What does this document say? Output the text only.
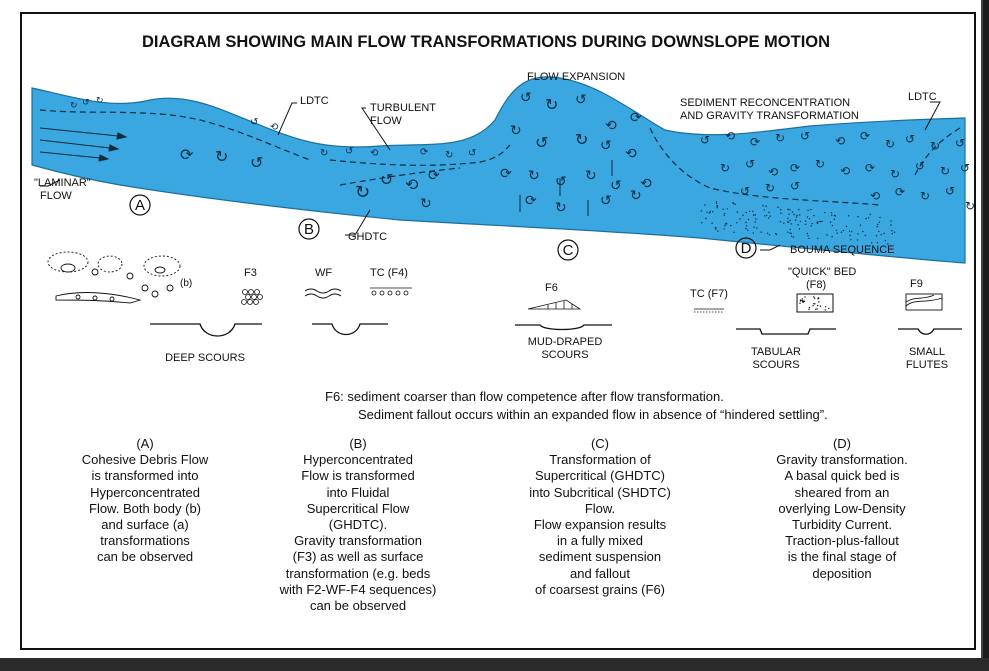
DIAGRAM SHOWING MAIN FLOW TRANSFORMATIONS DURING DOWNSLOPE MOTION
↻ ↺ ↻
↺ ⟲
⟳ ↻ ↺	↻ ↺ ⟲	⟳ ↻ ↺
↻
↺ ⟲ ⟳
↻
↺ ↻ ↺
⟲ ⟳
↻
↺ ↻ ↺ ⟲
⟳ ↻ ↺ ↻
↺ ⟲
⟳ ↻ ↺ ↻
↺ ⟲ ⟳ ↻ ↺
↻ ↺
⟲ ⟳ ↻
↺ ↻ ↺
⟲ ⟳
↻ ↺ ↻ ↺
⟲ ⟳ ↻
↺ ↻ ↺
⟲ ⟳ ↻ ↺
↻
LDTC
TURBULENT
FLOW
FLOW EXPANSION
SEDIMENT RECONCENTRATION
AND GRAVITY TRANSFORMATION
LDTC
"LAMINAR"
FLOW
GHDTC
BOUMA SEQUENCE
A
B
C	D
(b)
F3	WF	TC (F4)
DEEP SCOURS
F6
MUD-DRAPED
SCOURS
TC (F7)
"QUICK" BED
(F8)
TABULAR
SCOURS
F9
SMALL
FLUTES
F6: sediment coarser than flow competence after flow transformation.
Sediment fallout occurs within an expanded flow in absence of “hindered settling”.
(A)
Cohesive Debris Flow
is transformed into
Hyperconcentrated
Flow. Both body (b)
and surface (a)
transformations
can be observed
(B)
Hyperconcentrated
Flow is transformed
into Fluidal
Supercritical Flow
(GHDTC).
Gravity transformation
(F3) as well as surface
transformation (e.g. beds
with F2-WF-F4 sequences)
can be observed
(C)
Transformation of
Supercritical (GHDTC)
into Subcritical (SHDTC)
Flow.
Flow expansion results
in a fully mixed
sediment suspension
and fallout
of coarsest grains (F6)
(D)
Gravity transformation.
A basal quick bed is
sheared from an
overlying Low-Density
Turbidity Current.
Traction-plus-fallout
is the final stage of
deposition
